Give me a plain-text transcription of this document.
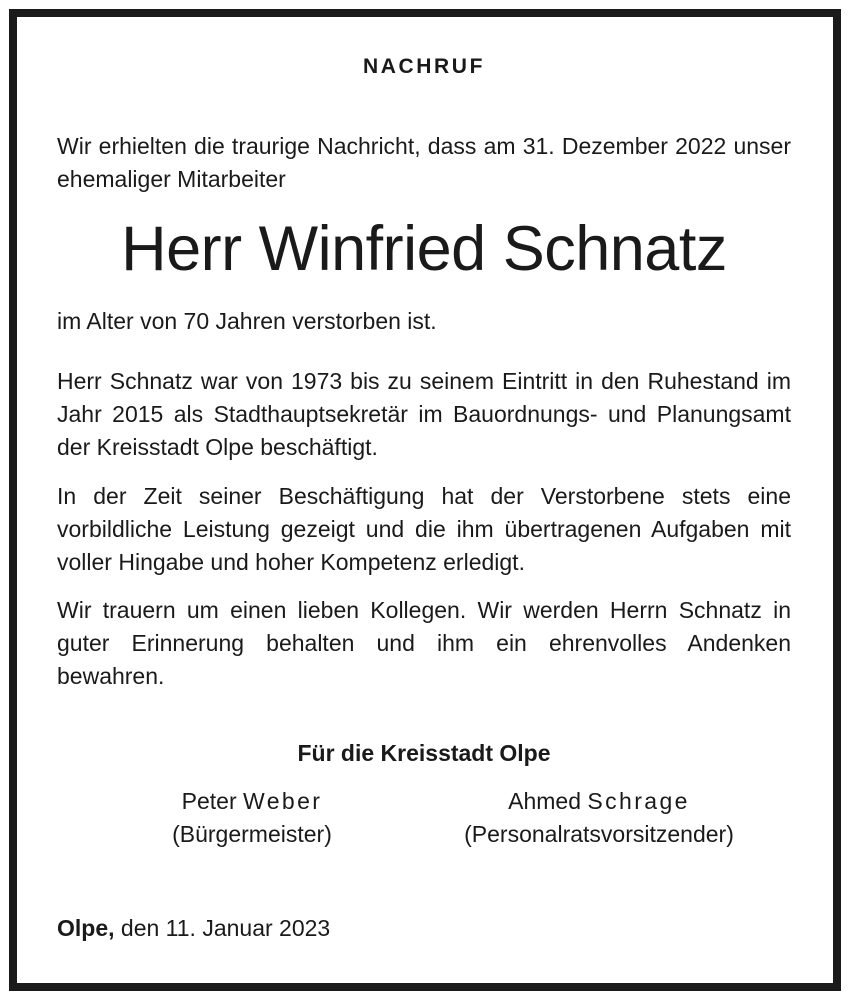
NACHRUF

Wir erhielten die traurige Nachricht, dass am 31. Dezember 2022 unser ehemaliger Mitarbeiter

Herr Winfried Schnatz

im Alter von 70 Jahren verstorben ist.

Herr Schnatz war von 1973 bis zu seinem Eintritt in den Ruhestand im Jahr 2015 als Stadthauptsekretär im Bauordnungs- und Planungsamt der Kreisstadt Olpe beschäftigt.

In der Zeit seiner Beschäftigung hat der Verstorbene stets eine vorbildliche Leistung gezeigt und die ihm übertragenen Aufgaben mit voller Hingabe und hoher Kompetenz erledigt.

Wir trauern um einen lieben Kollegen. Wir werden Herrn Schnatz in guter Erinnerung behalten und ihm ein ehrenvolles Andenken bewahren.

Für die Kreisstadt Olpe
Peter Weber
(Bürgermeister)
Ahmed Schrage
(Personalratsvorsitzender)
Olpe, den 11. Januar 2023
